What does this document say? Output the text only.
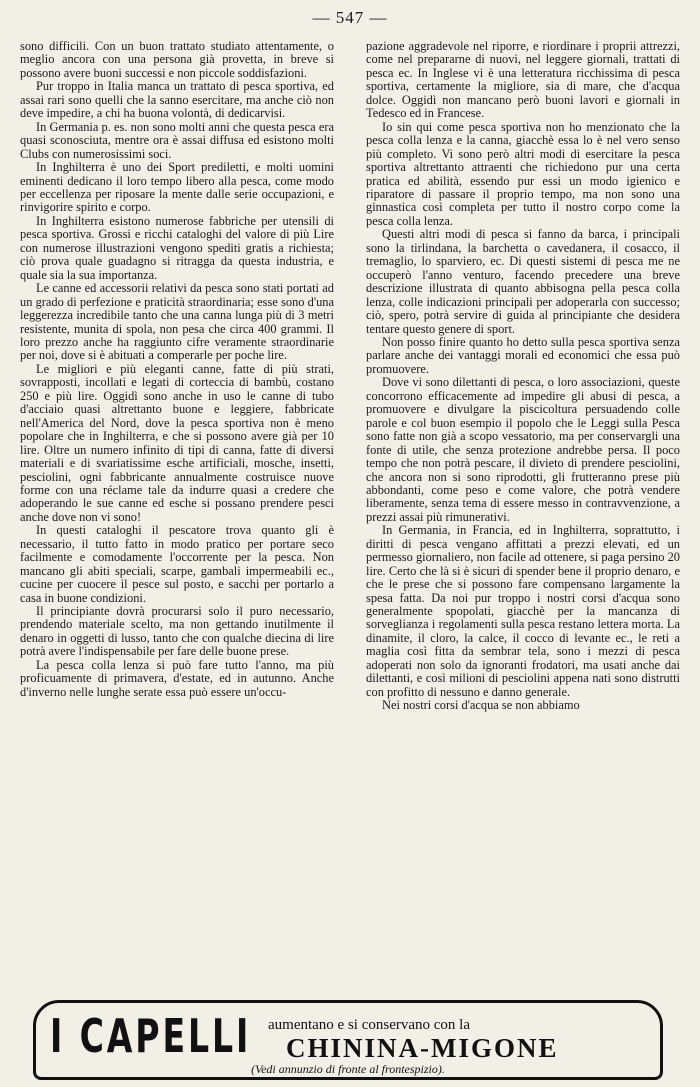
— 547 —

sono difficili. Con un buon trattato studiato attentamente, o meglio ancora con una persona già provetta, in breve si possono avere buoni successi e non piccole soddisfazioni.

Pur troppo in Italia manca un trattato di pesca sportiva, ed assai rari sono quelli che la sanno esercitare, ma anche ciò non deve impedire, a chi ha buona volontà, di dedicarvisi.

In Germania p. es. non sono molti anni che questa pesca era quasi sconosciuta, mentre ora è assai diffusa ed esistono molti Clubs con numerosissimi soci.

In Inghilterra è uno dei Sport prediletti, e molti uomini eminenti dedicano il loro tempo libero alla pesca, come modo per eccellenza per riposare la mente dalle serie occupazioni, e rinvigorire spirito e corpo.

In Inghilterra esistono numerose fabbriche per utensili di pesca sportiva. Grossi e ricchi cataloghi del valore di più Lire con numerose illustrazioni vengono spediti gratis a richiesta; ciò prova quale guadagno si ritragga da questa industria, e quale sia la sua importanza.

Le canne ed accessorii relativi da pesca sono stati portati ad un grado di perfezione e praticità straordinaria; esse sono d'una leggerezza incredibile tanto che una canna lunga più di 3 metri resistente, munita di spola, non pesa che circa 400 grammi. Il loro prezzo anche ha raggiunto cifre veramente straordinarie per noi, dove si è abituati a comperarle per poche lire.

Le migliori e più eleganti canne, fatte di più strati, sovrapposti, incollati e legati di corteccia di bambù, costano 250 e più lire. Oggidì sono anche in uso le canne di tubo d'acciaio quasi altrettanto buone e leggiere, fabbricate nell'America del Nord, dove la pesca sportiva non è meno popolare che in Inghilterra, e che si possono avere già per 10 lire. Oltre un numero infinito di tipi di canna, fatte di diversi materiali e di svariatissime esche artificiali, mosche, insetti, pesciolini, ogni fabbricante annualmente costruisce nuove forme con una réclame tale da indurre quasi a credere che adoperando le sue canne ed esche si possano prendere pesci anche dove non vi sono!

In questi cataloghi il pescatore trova quanto gli è necessario, il tutto fatto in modo pratico per portare seco facilmente e comodamente l'occorrente per la pesca. Non mancano gli abiti speciali, scarpe, gambali impermeabili ec., cucine per cuocere il pesce sul posto, e sacchi per portarlo a casa in buone condizioni.

Il principiante dovrà procurarsi solo il puro necessario, prendendo materiale scelto, ma non gettando inutilmente il denaro in oggetti di lusso, tanto che con qualche diecina di lire potrà avere l'indispensabile per fare delle buone prese.

La pesca colla lenza si può fare tutto l'anno, ma più proficuamente di primavera, d'estate, ed in autunno. Anche d'inverno nelle lunghe serate essa può essere un'occu-

pazione aggradevole nel riporre, e riordinare i proprii attrezzi, come nel prepararne di nuovi, nel leggere giornali, trattati di pesca ec. In Inglese vi è una letteratura ricchissima di pesca sportiva, certamente la migliore, sia di mare, che d'acqua dolce. Oggidì non mancano però buoni lavori e giornali in Tedesco ed in Francese.

Io sin qui come pesca sportiva non ho menzionato che la pesca colla lenza e la canna, giacchè essa lo è nel vero senso più completo. Vi sono però altri modi di esercitare la pesca sportiva altrettanto attraenti che richiedono pur una certa pratica ed abilità, essendo pur essi un modo igienico e riparatore di passare il proprio tempo, ma non sono una ginnastica così completa per tutto il nostro corpo come la pesca colla lenza.

Questi altri modi di pesca si fanno da barca, i principali sono la tirlindana, la barchetta o cavedanera, il cosacco, il tremaglio, lo sparviero, ec. Di questi sistemi di pesca me ne occuperò l'anno venturo, facendo precedere una breve descrizione illustrata di quanto abbisogna pella pesca colla lenza, colle indicazioni principali per adoperarla con successo; ciò, spero, potrà servire di guida al principiante che desidera tentare questo genere di sport.

Non posso finire quanto ho detto sulla pesca sportiva senza parlare anche dei vantaggi morali ed economici che essa può promuovere.

Dove vi sono dilettanti di pesca, o loro associazioni, queste concorrono efficacemente ad impedire gli abusi di pesca, a promuovere e divulgare la piscicoltura persuadendo colle parole e col buon esempio il popolo che le Leggi sulla Pesca sono fatte non già a scopo vessatorio, ma per conservargli una fonte di utile, che senza protezione andrebbe persa. Il poco tempo che non potrà pescare, il divieto di prendere pesciolini, che ancora non si sono riprodotti, gli frutteranno prese più abbondanti, come peso e come valore, che potrà vendere liberamente, senza tema di essere messo in contravvenzione, a prezzi assai più rimunerativi.

In Germania, in Francia, ed in Inghilterra, soprattutto, i diritti di pesca vengano affittati a prezzi elevati, ed un permesso giornaliero, non facile ad ottenere, si paga persino 20 lire. Certo che là si è sicuri di spender bene il proprio denaro, e che le prese che si possono fare compensano largamente la spesa fatta. Da noi pur troppo i nostri corsi d'acqua sono generalmente spopolati, giacchè per la mancanza di sorveglianza i regolamenti sulla pesca restano lettera morta. La dinamite, il cloro, la calce, il cocco di levante ec., le reti a maglia così fitta da sembrar tela, sono i mezzi di pesca adoperati non solo da ignoranti frodatori, ma usati anche dai dilettanti, e così milioni di pesciolini appena nati sono distrutti con profitto di nessuno e danno generale.

Nei nostri corsi d'acqua se non abbiamo

I CAPELLI aumentano e si conservano con la
CHININA-MIGONE
(Vedi annunzio di fronte al frontespizio).
